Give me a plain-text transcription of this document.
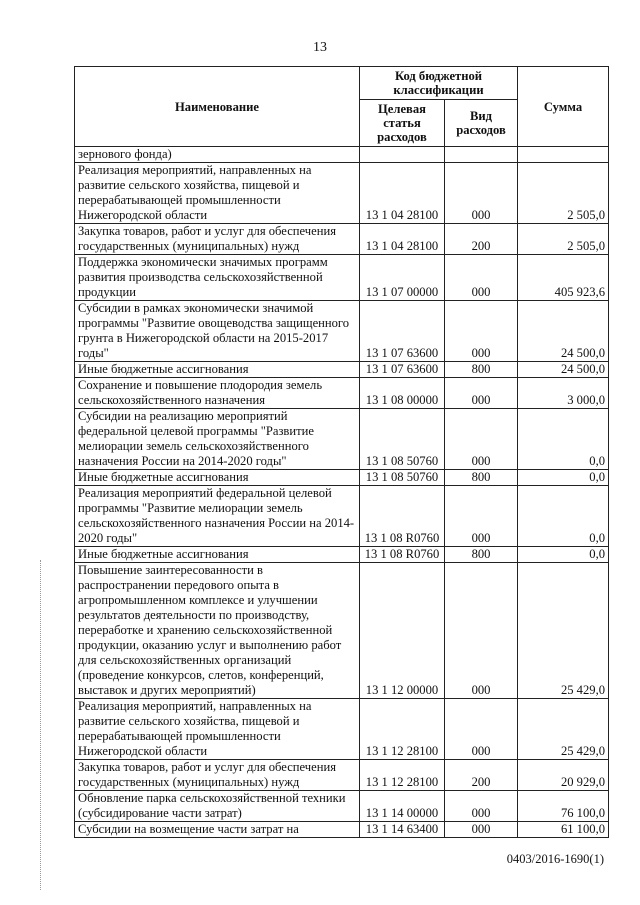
13
Наименование	Код бюджетной классификации		Сумма
	Целевая статья расходов	Вид расходов	
зернового фонда)			
Реализация мероприятий, направленных на развитие сельского хозяйства, пищевой и перерабатывающей промышленности Нижегородской области	13 1 04 28100	000	2 505,0
Закупка товаров, работ и услуг для обеспечения государственных (муниципальных) нужд	13 1 04 28100	200	2 505,0
Поддержка экономически значимых программ развития производства сельскохозяйственной продукции	13 1 07 00000	000	405 923,6
Субсидии в рамках экономически значимой программы "Развитие овощеводства защищенного грунта в Нижегородской области на 2015-2017 годы"	13 1 07 63600	000	24 500,0
Иные бюджетные ассигнования	13 1 07 63600	800	24 500,0
Сохранение и повышение плодородия земель сельскохозяйственного назначения	13 1 08 00000	000	3 000,0
Субсидии на реализацию мероприятий федеральной целевой программы "Развитие мелиорации земель сельскохозяйственного назначения России на 2014-2020 годы"	13 1 08 50760	000	0,0
Иные бюджетные ассигнования	13 1 08 50760	800	0,0
Реализация мероприятий федеральной целевой программы "Развитие мелиорации земель сельскохозяйственного назначения России на 2014-2020 годы"	13 1 08 R0760	000	0,0
Иные бюджетные ассигнования	13 1 08 R0760	800	0,0
Повышение заинтересованности в распространении передового опыта в агропромышленном комплексе и улучшении результатов деятельности по производству, переработке и хранению сельскохозяйственной продукции, оказанию услуг и выполнению работ для сельскохозяйственных организаций (проведение конкурсов, слетов, конференций, выставок и других мероприятий)	13 1 12 00000	000	25 429,0
Реализация мероприятий, направленных на развитие сельского хозяйства, пищевой и перерабатывающей промышленности Нижегородской области	13 1 12 28100	000	25 429,0
Закупка товаров, работ и услуг для обеспечения государственных (муниципальных) нужд	13 1 12 28100	200	20 929,0
Обновление парка сельскохозяйственной техники (субсидирование части затрат)	13 1 14 00000	000	76 100,0
Субсидии на возмещение части затрат на	13 1 14 63400	000	61 100,0
0403/2016-1690(1)
